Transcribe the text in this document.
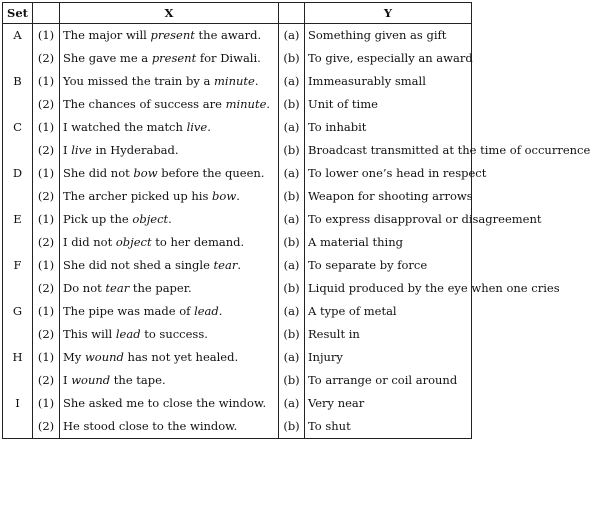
Set		X		Y
A	(1)	The major will present the award.	(a)	Something given as gift
	(2)	She gave me a present for Diwali.	(b)	To give, especially an award
B	(1)	You missed the train by a minute.	(a)	Immeasurably small
	(2)	The chances of success are minute.	(b)	Unit of time
C	(1)	I watched the match live.	(a)	To inhabit
	(2)	I live in Hyderabad.	(b)	Broadcast transmitted at the time of occurrence
D	(1)	She did not bow before the queen.	(a)	To lower one’s head in respect
	(2)	The archer picked up his bow.	(b)	Weapon for shooting arrows
E	(1)	Pick up the object.	(a)	To express disapproval or disagreement
	(2)	I did not object to her demand.	(b)	A material thing
F	(1)	She did not shed a single tear.	(a)	To separate by force
	(2)	Do not tear the paper.	(b)	Liquid produced by the eye when one cries
G	(1)	The pipe was made of lead.	(a)	A type of metal
	(2)	This will lead to success.	(b)	Result in
H	(1)	My wound has not yet healed.	(a)	Injury
	(2)	I wound the tape.	(b)	To arrange or coil around
I	(1)	She asked me to close the window.	(a)	Very near
	(2)	He stood close to the window.	(b)	To shut
